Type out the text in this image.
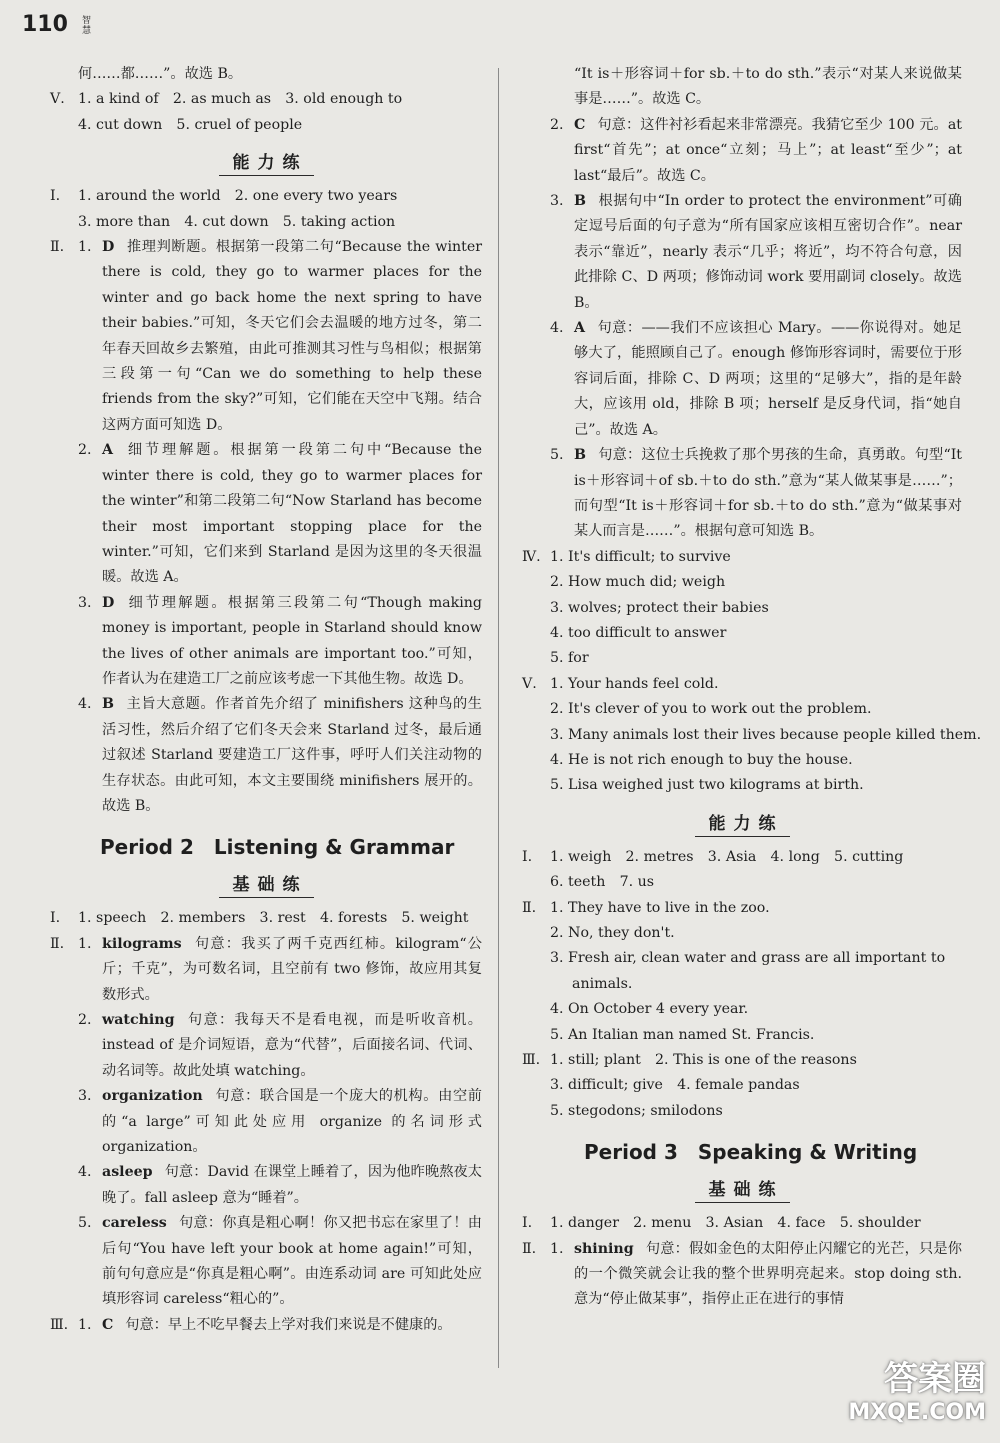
110 智慧
何……都……”。故选 B。
Ⅴ. 1. a kind of　2. as much as　3. old enough to
4. cut down　5. cruel of people
能力练
Ⅰ.	1. around the world　2. one every two years
3. more than　4. cut down　5. taking action
Ⅱ. 1. D 推理判断题。根据第一段第二句“Because the winter there is cold, they go to warmer places for the winter and go back home the next spring to have their babies.”可知，冬天它们会去温暖的地方过冬，第二年春天回故乡去繁殖，由此可推测其习性与鸟相似；根据第三段第一句“Can we do something to help these friends from the sky?”可知，它们能在天空中飞翔。结合这两方面可知选 D。
2. A 细节理解题。根据第一段第二句中“Because the winter there is cold, they go to warmer places for the winter”和第二段第二句“Now Starland has become their most important stopping place for the winter.”可知，它们来到 Starland 是因为这里的冬天很温暖。故选 A。
3. D 细节理解题。根据第三段第二句“Though making money is important, people in Starland should know the lives of other animals are important too.”可知，作者认为在建造工厂之前应该考虑一下其他生物。故选 D。
4. B 主旨大意题。作者首先介绍了 minifishers 这种鸟的生活习性，然后介绍了它们冬天会来 Starland 过冬，最后通过叙述 Starland 要建造工厂这件事，呼吁人们关注动物的生存状态。由此可知，本文主要围绕 minifishers 展开的。故选 B。
Period 2　Listening & Grammar
基础练
Ⅰ.	1. speech　2. members　3. rest　4. forests　5. weight
Ⅱ. 1. kilograms 句意：我买了两千克西红柿。kilogram“公斤；千克”，为可数名词，且空前有 two 修饰，故应用其复数形式。
2. watching 句意：我每天不是看电视，而是听收音机。instead of 是介词短语，意为“代替”，后面接名词、代词、动名词等。故此处填 watching。
3. organization 句意：联合国是一个庞大的机构。由空前的“a large”可知此处应用 organize 的名词形式 organization。
4. asleep 句意：David 在课堂上睡着了，因为他昨晚熬夜太晚了。fall asleep 意为“睡着”。
5. careless 句意：你真是粗心啊！你又把书忘在家里了！由后句“You have left your book at home again!”可知，前句句意应是“你真是粗心啊”。由连系动词 are 可知此处应填形容词 careless“粗心的”。
Ⅲ. 1. C 句意：早上不吃早餐去上学对我们来说是不健康的。
“It is＋形容词＋for sb.＋to do sth.”表示“对某人来说做某事是……”。故选 C。
2. C 句意：这件衬衫看起来非常漂亮。我猜它至少 100 元。at first“首先”；at once“立刻；马上”；at least“至少”；at last“最后”。故选 C。
3. B 根据句中“In order to protect the environment”可确定逗号后面的句子意为“所有国家应该相互密切合作”。near 表示“靠近”，nearly 表示“几乎；将近”，均不符合句意，因此排除 C、D 两项；修饰动词 work 要用副词 closely。故选 B。
4. A 句意：——我们不应该担心 Mary。——你说得对。她足够大了，能照顾自己了。enough 修饰形容词时，需要位于形容词后面，排除 C、D 两项；这里的“足够大”，指的是年龄大，应该用 old，排除 B 项；herself 是反身代词，指“她自己”。故选 A。
5. B 句意：这位士兵挽救了那个男孩的生命，真勇敢。句型“It is＋形容词＋of sb.＋to do sth.”意为“某人做某事是……”；而句型“It is＋形容词＋for sb.＋to do sth.”意为“做某事对某人而言是……”。根据句意可知选 B。
Ⅳ. 1. It's difficult; to survive
2. How much did; weigh
3. wolves; protect their babies
4. too difficult to answer
5. for
Ⅴ. 1. Your hands feel cold.
2. It's clever of you to work out the problem.
3. Many animals lost their lives because people killed them.
4. He is not rich enough to buy the house.
5. Lisa weighed just two kilograms at birth.
能力练
Ⅰ.	1. weigh　2. metres　3. Asia　4. long　5. cutting
6. teeth　7. us
Ⅱ. 1. They have to live in the zoo.
2. No, they don't.
3. Fresh air, clean water and grass are all important to
animals.
4. On October 4 every year.
5. An Italian man named St. Francis.
Ⅲ. 1. still; plant　2. This is one of the reasons
3. difficult; give　4. female pandas
5. stegodons; smilodons
Period 3　Speaking & Writing
基础练
Ⅰ.	1. danger　2. menu　3. Asian　4. face　5. shoulder
Ⅱ. 1. shining 句意：假如金色的太阳停止闪耀它的光芒，只是你的一个微笑就会让我的整个世界明亮起来。stop doing sth. 意为“停止做某事”，指停止正在进行的事情
答案圈
MXQE.COM
